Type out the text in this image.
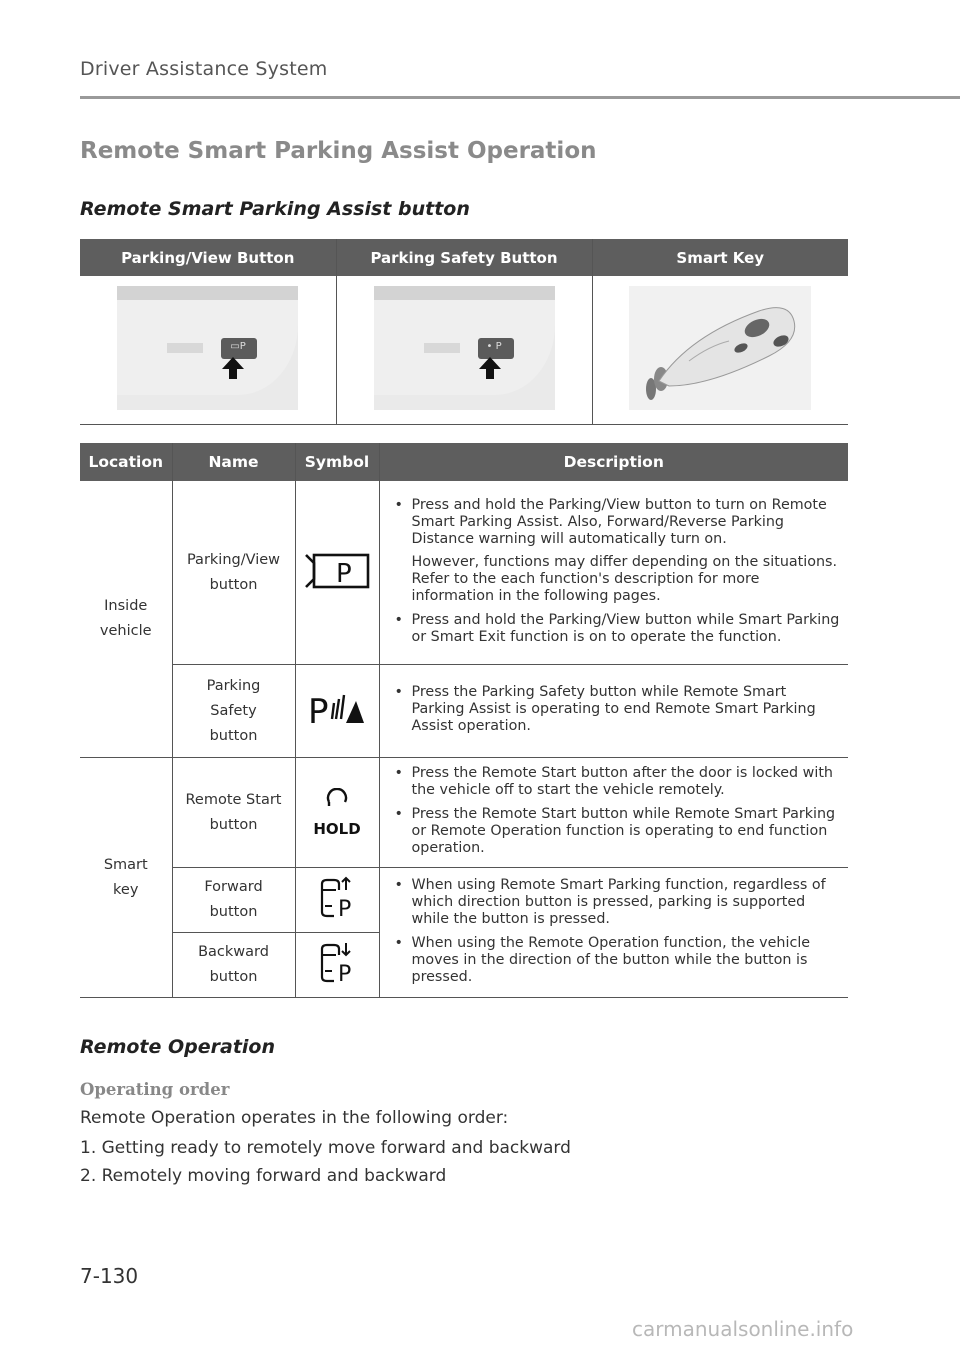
Driver Assistance System
Remote Smart Parking Assist Operation
Remote Smart Parking Assist button
Parking/View Button	Parking Safety Button	Smart Key

▭P	• P

Location	Name	Symbol	Description

Inside vehicle	Parking/View button	P	• Press and hold the Parking/View button to turn on Remote Smart Parking Assist. Also, Forward/Reverse Parking Distance warning will automatically turn on.
However, functions may differ depending on the situations. Refer to the each function's description for more information in the following pages.
• Press and hold the Parking/View button while Smart Parking or Smart Exit function is on to operate the function.

	Parking Safety button	P	• Press the Parking Safety button while Remote Smart Parking Assist is operating to end Remote Smart Parking Assist operation.

Smart key	Remote Start button	HOLD	• Press the Remote Start button after the door is locked with the vehicle off to start the vehicle remotely.
• Press the Remote Start button while Remote Smart Parking or Remote Operation function is operating to end function operation.

	Forward button	P	• When using Remote Smart Parking function, regardless of which direction button is pressed, parking is supported while the button is pressed.
• When using the Remote Operation function, the vehicle moves in the direction of the button while the button is pressed.

	Backward button	P	
Remote Operation
Operating order
Remote Operation operates in the following order:
1. Getting ready to remotely move forward and backward
2. Remotely moving forward and backward
7-130
carmanualsonline.info
